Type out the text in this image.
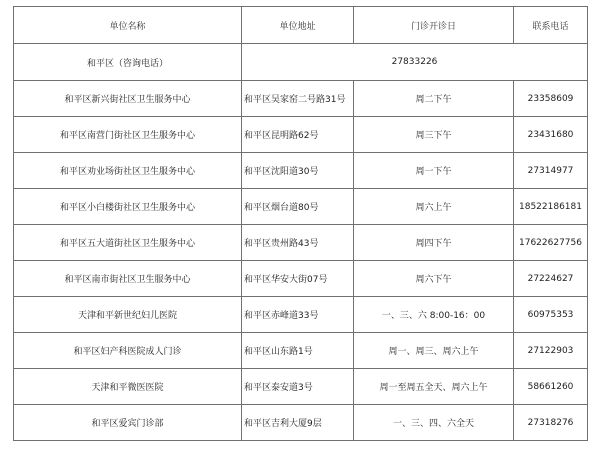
单位名称	单位地址	门诊开诊日	联系电话
和平区（咨询电话）	27833226		
和平区新兴街社区卫生服务中心	和平区吴家窑二号路31号	周二下午	23358609
和平区南营门街社区卫生服务中心	和平区昆明路62号	周三下午	23431680
和平区劝业场街社区卫生服务中心	和平区沈阳道30号	周一下午	27314977
和平区小白楼街社区卫生服务中心	和平区烟台道80号	周六上午	18522186181
和平区五大道街社区卫生服务中心	和平区贵州路43号	周四下午	17622627756
和平区南市街社区卫生服务中心	和平区华安大街07号	周六下午	27224627
天津和平新世纪妇儿医院	和平区赤峰道33号	一、三、六 8:00-16：00	60975353
和平区妇产科医院成人门诊	和平区山东路1号	周一、周三、周六上午	27122903
天津和平微医医院	和平区泰安道3号	周一至周五全天、周六上午	58661260
和平区爱宾门诊部	和平区吉利大厦9层	一、三、四、六全天	27318276
